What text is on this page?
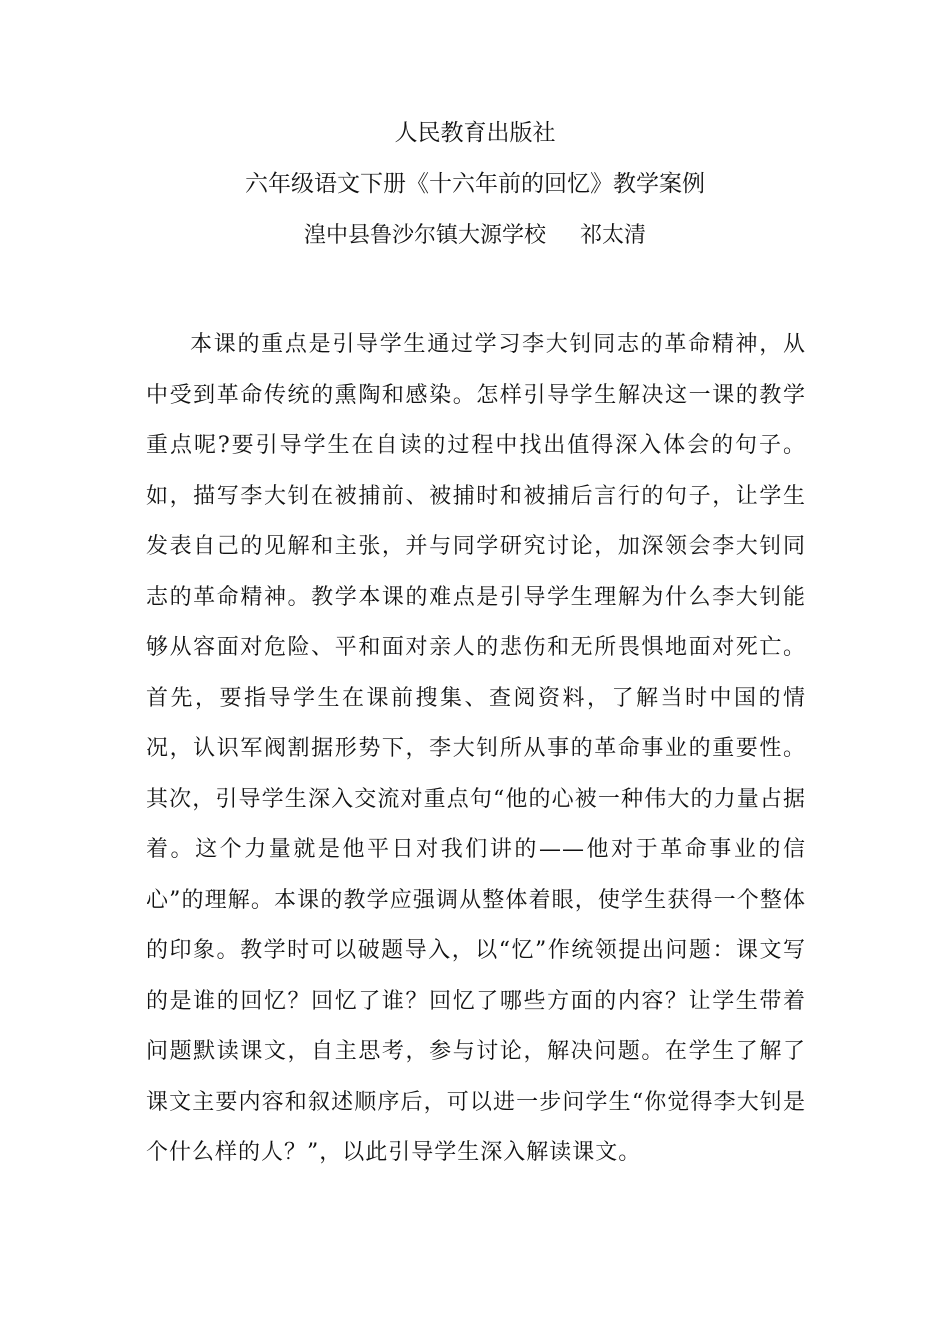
人民教育出版社
六年级语文下册《十六年前的回忆》教学案例
湟中县鲁沙尔镇大源学校 祁太清

本课的重点是引导学生通过学习李大钊同志的革命精神，从中受到革命传统的熏陶和感染。怎样引导学生解决这一课的教学重点呢?要引导学生在自读的过程中找出值得深入体会的句子。如，描写李大钊在被捕前、被捕时和被捕后言行的句子，让学生发表自己的见解和主张，并与同学研究讨论，加深领会李大钊同志的革命精神。教学本课的难点是引导学生理解为什么李大钊能够从容面对危险、平和面对亲人的悲伤和无所畏惧地面对死亡。首先，要指导学生在课前搜集、查阅资料，了解当时中国的情况，认识军阀割据形势下，李大钊所从事的革命事业的重要性。其次，引导学生深入交流对重点句“他的心被一种伟大的力量占据着。这个力量就是他平日对我们讲的——他对于革命事业的信心”的理解。本课的教学应强调从整体着眼，使学生获得一个整体的印象。教学时可以破题导入，以“忆”作统领提出问题：课文写的是谁的回忆？回忆了谁？回忆了哪些方面的内容？让学生带着问题默读课文，自主思考，参与讨论，解决问题。在学生了解了课文主要内容和叙述顺序后，可以进一步问学生“你觉得李大钊是个什么样的人？”，以此引导学生深入解读课文。
